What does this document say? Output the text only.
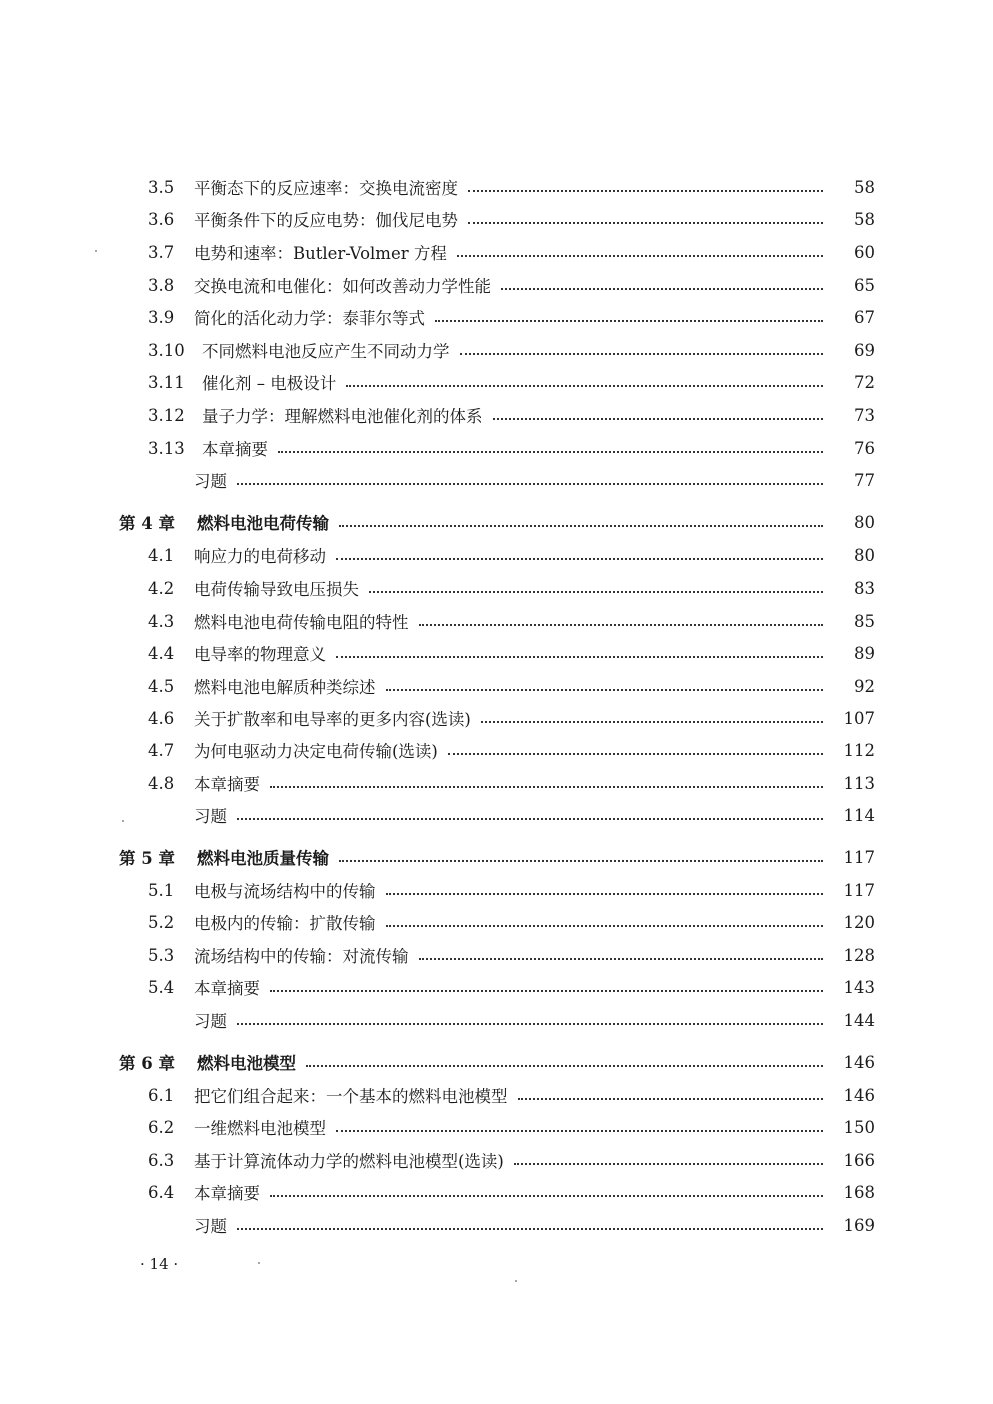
3.5	平衡态下的反应速率：交换电流密度	58
3.6	平衡条件下的反应电势：伽伐尼电势	58
3.7	电势和速率：Butler-Volmer 方程	60
3.8	交换电流和电催化：如何改善动力学性能	65
3.9	简化的活化动力学：泰菲尔等式	67
3.10	不同燃料电池反应产生不同动力学	69
3.11	催化剂 – 电极设计	72
3.12	量子力学：理解燃料电池催化剂的体系	73
3.13	本章摘要	76
习题	77
第 4 章	燃料电池电荷传输	80
4.1	响应力的电荷移动	80
4.2	电荷传输导致电压损失	83
4.3	燃料电池电荷传输电阻的特性	85
4.4	电导率的物理意义	89
4.5	燃料电池电解质种类综述	92
4.6	关于扩散率和电导率的更多内容(选读)	107
4.7	为何电驱动力决定电荷传输(选读)	112
4.8	本章摘要	113
习题	114
第 5 章	燃料电池质量传输	117
5.1	电极与流场结构中的传输	117
5.2	电极内的传输：扩散传输	120
5.3	流场结构中的传输：对流传输	128
5.4	本章摘要	143
习题	144
第 6 章	燃料电池模型	146
6.1	把它们组合起来：一个基本的燃料电池模型	146
6.2	一维燃料电池模型	150
6.3	基于计算流体动力学的燃料电池模型(选读)	166
6.4	本章摘要	168
习题	169
· 14 ·
